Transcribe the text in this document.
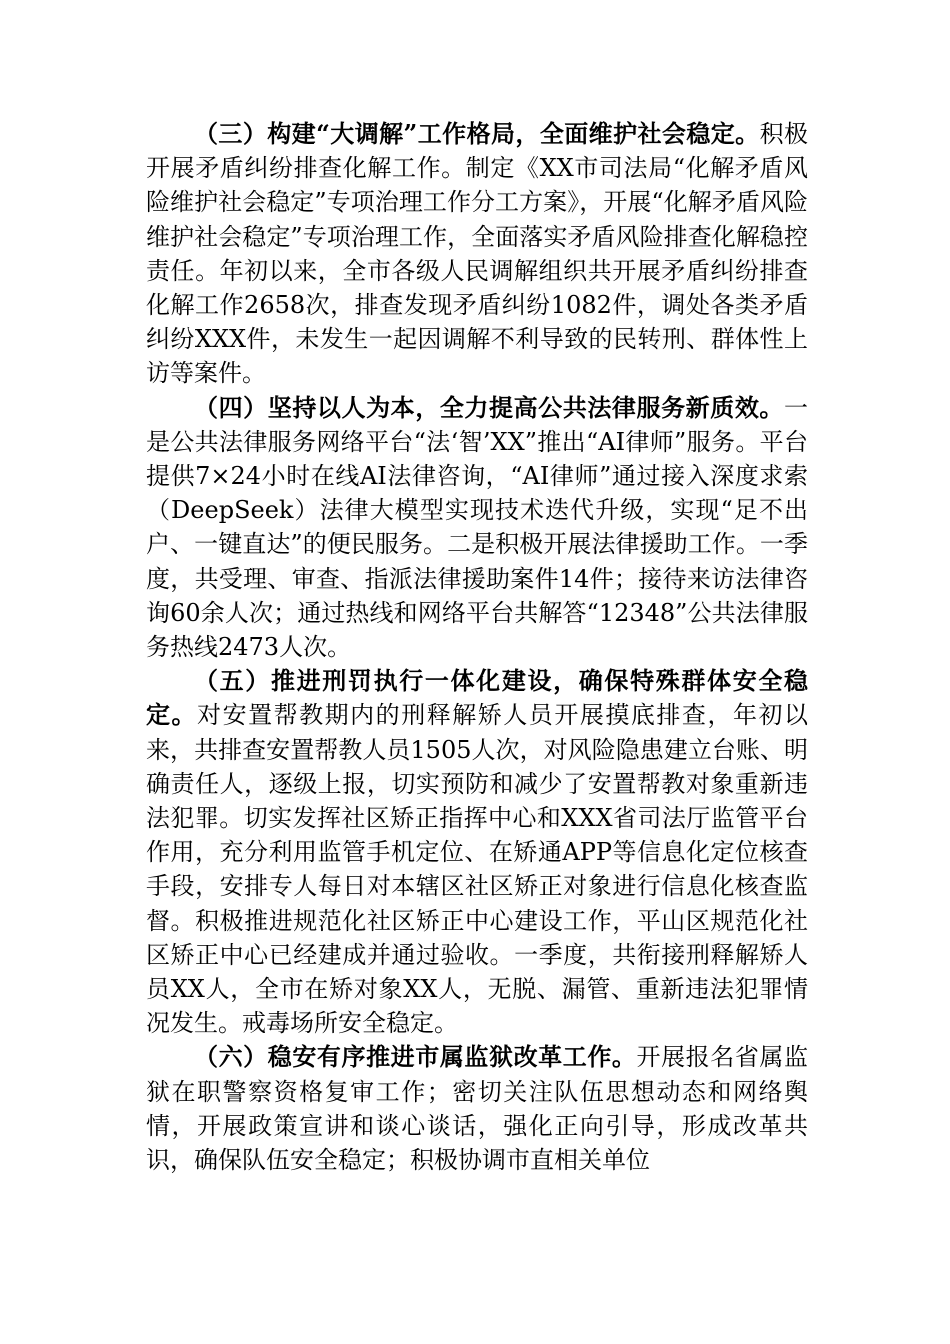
（三）构建“大调解”工作格局，全面维护社会稳定。积极开展矛盾纠纷排查化解工作。制定《XX市司法局“化解矛盾风险维护社会稳定”专项治理工作分工方案》，开展“化解矛盾风险维护社会稳定”专项治理工作，全面落实矛盾风险排查化解稳控责任。年初以来，全市各级人民调解组织共开展矛盾纠纷排查化解工作2658次，排查发现矛盾纠纷1082件，调处各类矛盾纠纷XXX件，未发生一起因调解不利导致的民转刑、群体性上访等案件。

（四）坚持以人为本，全力提高公共法律服务新质效。一是公共法律服务网络平台“法‘智’XX”推出“AI律师”服务。平台提供7×24小时在线AI法律咨询，“AI律师”通过接入深度求索（DeepSeek）法律大模型实现技术迭代升级，实现“足不出户、一键直达”的便民服务。二是积极开展法律援助工作。一季度，共受理、审查、指派法律援助案件14件；接待来访法律咨询60余人次；通过热线和网络平台共解答“12348”公共法律服务热线2473人次。

（五）推进刑罚执行一体化建设，确保特殊群体安全稳定。对安置帮教期内的刑释解矫人员开展摸底排查，年初以来，共排查安置帮教人员1505人次，对风险隐患建立台账、明确责任人，逐级上报，切实预防和减少了安置帮教对象重新违法犯罪。切实发挥社区矫正指挥中心和XXX省司法厅监管平台作用，充分利用监管手机定位、在矫通APP等信息化定位核查手段，安排专人每日对本辖区社区矫正对象进行信息化核查监督。积极推进规范化社区矫正中心建设工作，平山区规范化社区矫正中心已经建成并通过验收。一季度，共衔接刑释解矫人员XX人，全市在矫对象XX人，无脱、漏管、重新违法犯罪情况发生。戒毒场所安全稳定。

（六）稳安有序推进市属监狱改革工作。开展报名省属监狱在职警察资格复审工作；密切关注队伍思想动态和网络舆情，开展政策宣讲和谈心谈话，强化正向引导，形成改革共识，确保队伍安全稳定；积极协调市直相关单位
